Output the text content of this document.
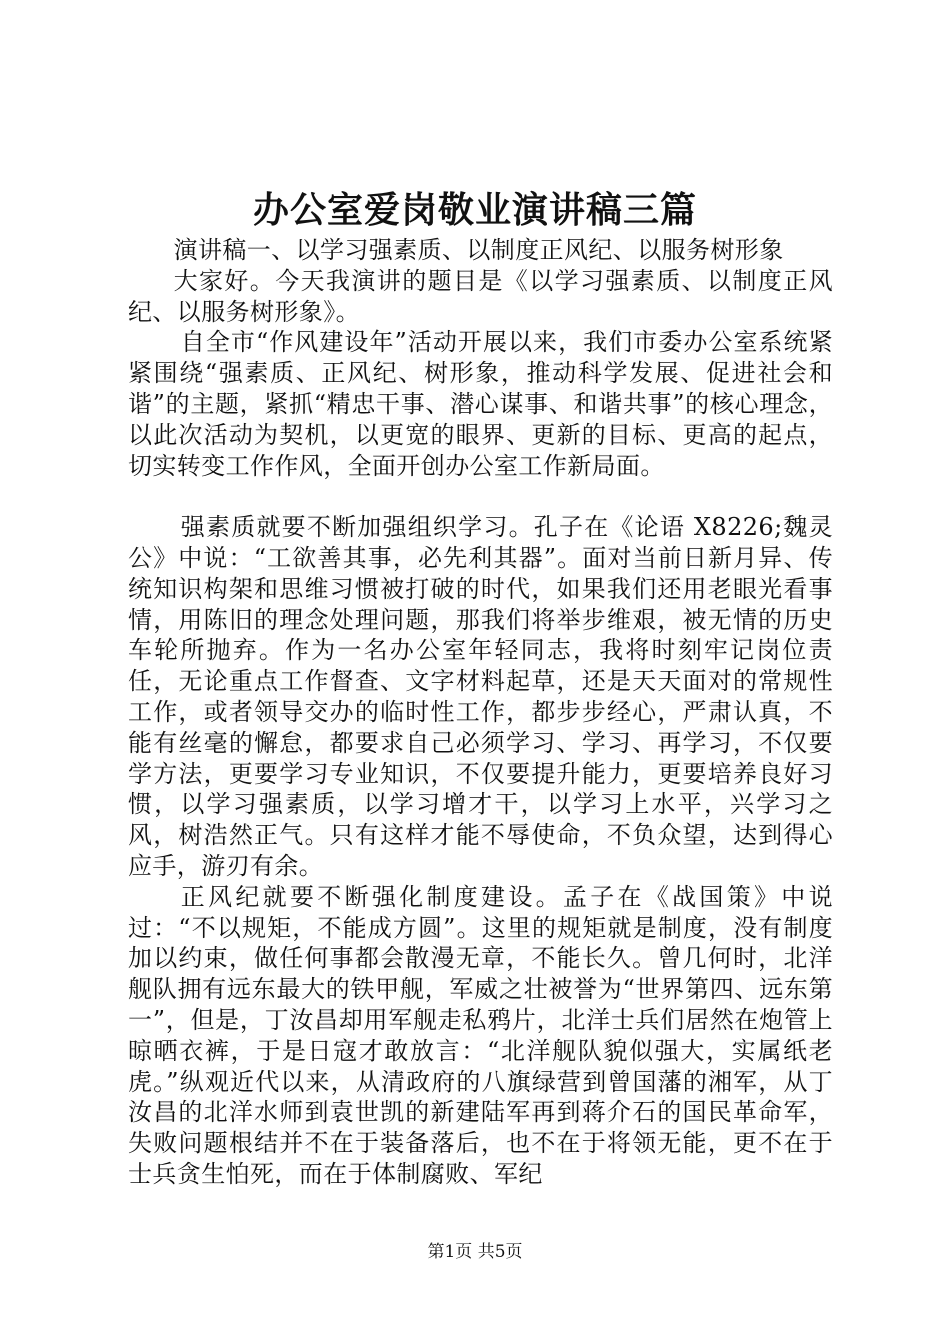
办公室爱岗敬业演讲稿三篇

演讲稿一、以学习强素质、以制度正风纪、以服务树形象

大家好。今天我演讲的题目是《以学习强素质、以制度正风纪、以服务树形象》。

自全市“作风建设年”活动开展以来，我们市委办公室系统紧紧围绕“强素质、正风纪、树形象，推动科学发展、促进社会和谐”的主题，紧抓“精忠干事、潜心谋事、和谐共事”的核心理念，以此次活动为契机，以更宽的眼界、更新的目标、更高的起点，切实转变工作作风，全面开创办公室工作新局面。

强素质就要不断加强组织学习。孔子在《论语 X8226;魏灵公》中说：“工欲善其事，必先利其器”。面对当前日新月异、传统知识构架和思维习惯被打破的时代，如果我们还用老眼光看事情，用陈旧的理念处理问题，那我们将举步维艰，被无情的历史车轮所抛弃。作为一名办公室年轻同志，我将时刻牢记岗位责任，无论重点工作督查、文字材料起草，还是天天面对的常规性工作，或者领导交办的临时性工作，都步步经心，严肃认真，不能有丝毫的懈怠，都要求自己必须学习、学习、再学习，不仅要学方法，更要学习专业知识，不仅要提升能力，更要培养良好习惯，以学习强素质，以学习增才干，以学习上水平，兴学习之风，树浩然正气。只有这样才能不辱使命，不负众望，达到得心应手，游刃有余。

正风纪就要不断强化制度建设。孟子在《战国策》中说过：“不以规矩，不能成方圆”。这里的规矩就是制度，没有制度加以约束，做任何事都会散漫无章，不能长久。曾几何时，北洋舰队拥有远东最大的铁甲舰，军威之壮被誉为“世界第四、远东第一”，但是，丁汝昌却用军舰走私鸦片，北洋士兵们居然在炮管上晾晒衣裤，于是日寇才敢放言：“北洋舰队貌似强大，实属纸老虎。”纵观近代以来，从清政府的八旗绿营到曾国藩的湘军，从丁汝昌的北洋水师到袁世凯的新建陆军再到蒋介石的国民革命军，失败问题根结并不在于装备落后，也不在于将领无能，更不在于士兵贪生怕死，而在于体制腐败、军纪

第1页 共5页
